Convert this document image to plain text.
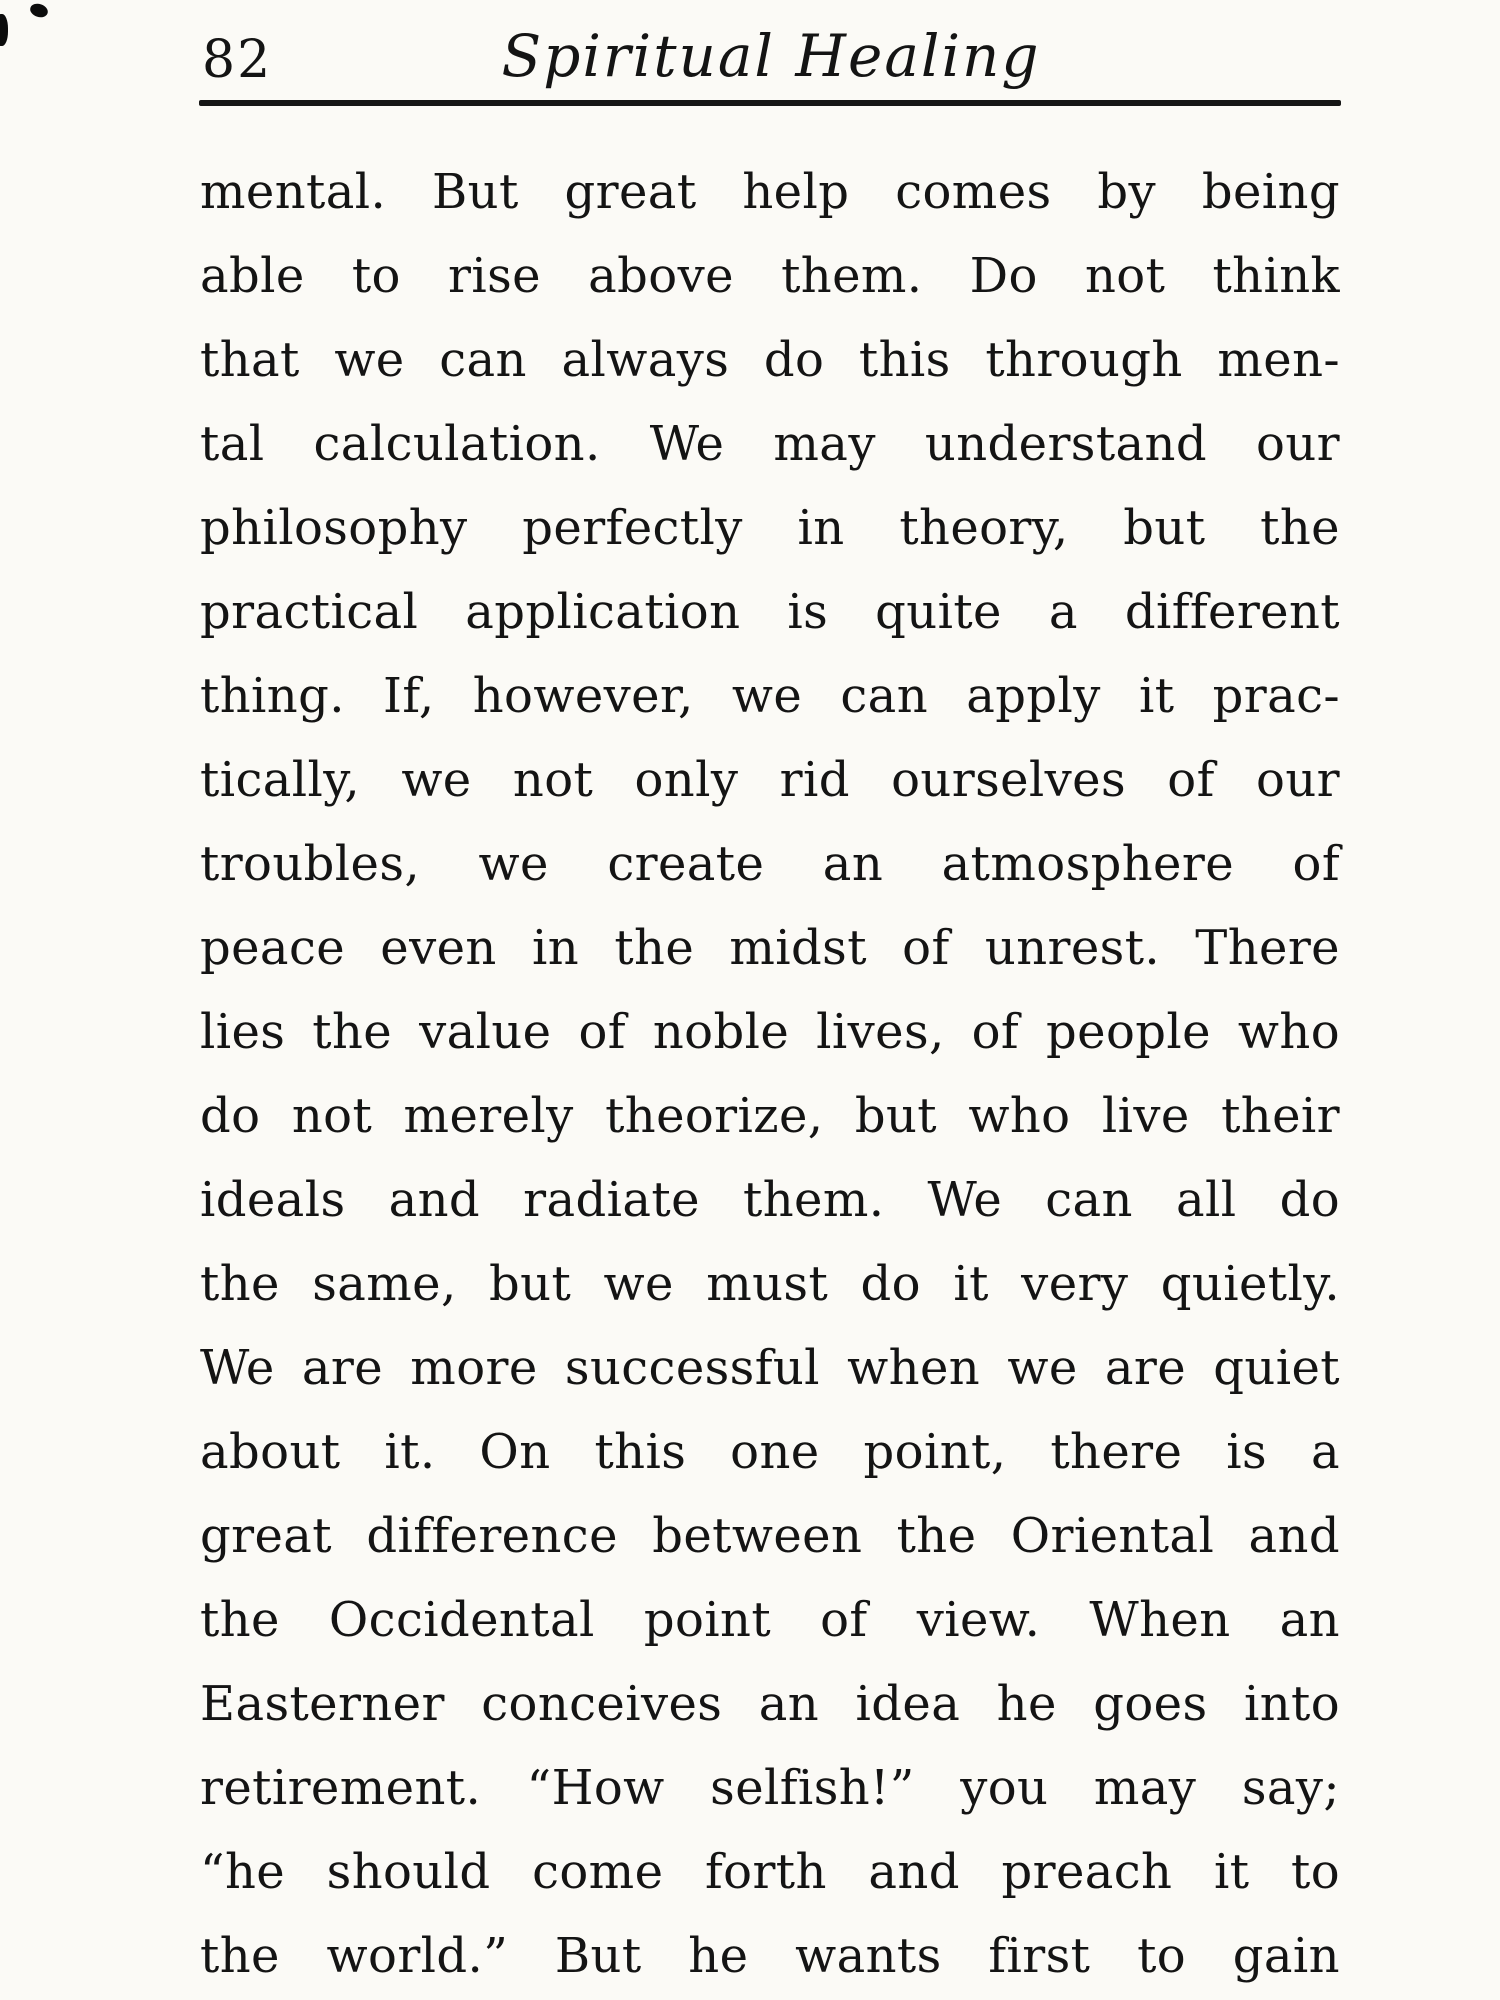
82	Spiritual Healing
mental. But great help comes by being
able to rise above them. Do not think
that we can always do this through men-
tal calculation. We may understand our
philosophy perfectly in theory, but the
practical application is quite a different
thing. If, however, we can apply it prac-
tically, we not only rid ourselves of our
troubles, we create an atmosphere of
peace even in the midst of unrest. There
lies the value of noble lives, of people who
do not merely theorize, but who live their
ideals and radiate them. We can all do
the same, but we must do it very quietly.
We are more successful when we are quiet
about it. On this one point, there is a
great difference between the Oriental and
the Occidental point of view. When an
Easterner conceives an idea he goes into
retirement. “How selfish!” you may say;
“he should come forth and preach it to
the world.” But he wants first to gain
